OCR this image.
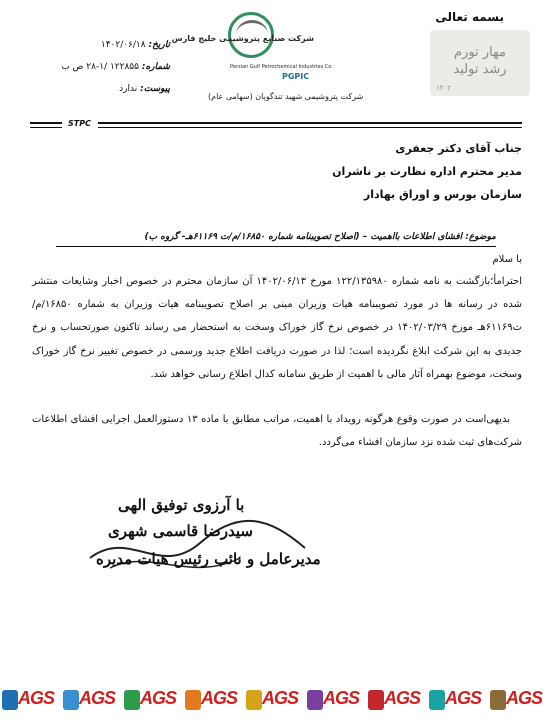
بسمه تعالی
مهار تورم
رشد تولید
۱۴۰۲
شرکت صنایع پتروشیمی خلیج فارس
Persian Gulf Petrochemical Industries Co.
PGPIC
شرکت پتروشیمی شهید تندگویان (سهامی عام)
تاریخ: ۱۴۰۲/۰۶/۱۸
شماره: ۱۲۲۸۵۵ /۱-۲۸ ص ب
پیوست: ندارد
STPC
جناب آقای دکتر جعفری
مدیر محترم اداره نظارت بر ناشران
سازمان بورس و اوراق بهادار
موضوع: افشای اطلاعات بااهمیت – (اصلاح تصویبنامه شماره ۱۶۸۵۰/م/ت ۶۱۱۶۹هـ- گروه ب)
با سلام
احترامأ؛بازگشت به نامه شماره ۱۲۲/۱۳۵۹۸۰ مورخ ۱۴۰۲/۰۶/۱۳ آن سازمان محترم در خصوص اخبار وشایعات منتشر شده در رسانه ها در مورد تصویبنامه هیات وزیران مبنی بر اصلاح تصویبنامه هیات وزیران به شماره ۱۶۸۵۰/م/ت۶۱۱۶۹هـ مورخ ۱۴۰۲/۰۳/۲۹ در خصوص نرخ گاز خوراک وسخت به استحضار می رساند تاکنون صورتحساب و نرخ جدیدی به این شرکت ابلاغ نگردیده است؛ لذا در صورت دریافت اطلاع جدید ورسمی در خصوص تغییر نرخ گاز خوراک وسخت، موضوع بهمراه آثار مالی با اهمیت از طریق سامانه کدال اطلاع رسانی خواهد شد.
بدیهی‌است در صورت وقوع هرگونه رویداد با اهمیت، مراتب مطابق با ماده ۱۳ دستورالعمل اجرایی افشای اطلاعات شرکت‌های ثبت شده نزد سازمان افشاء می‌گردد.
با آرزوی توفیق الهی
سیدرضا قاسمی شهری
مدیرعامل و نائب رئیس هیات مدیره
AGS AGS AGS AGS AGS AGS AGS AGS AGS
